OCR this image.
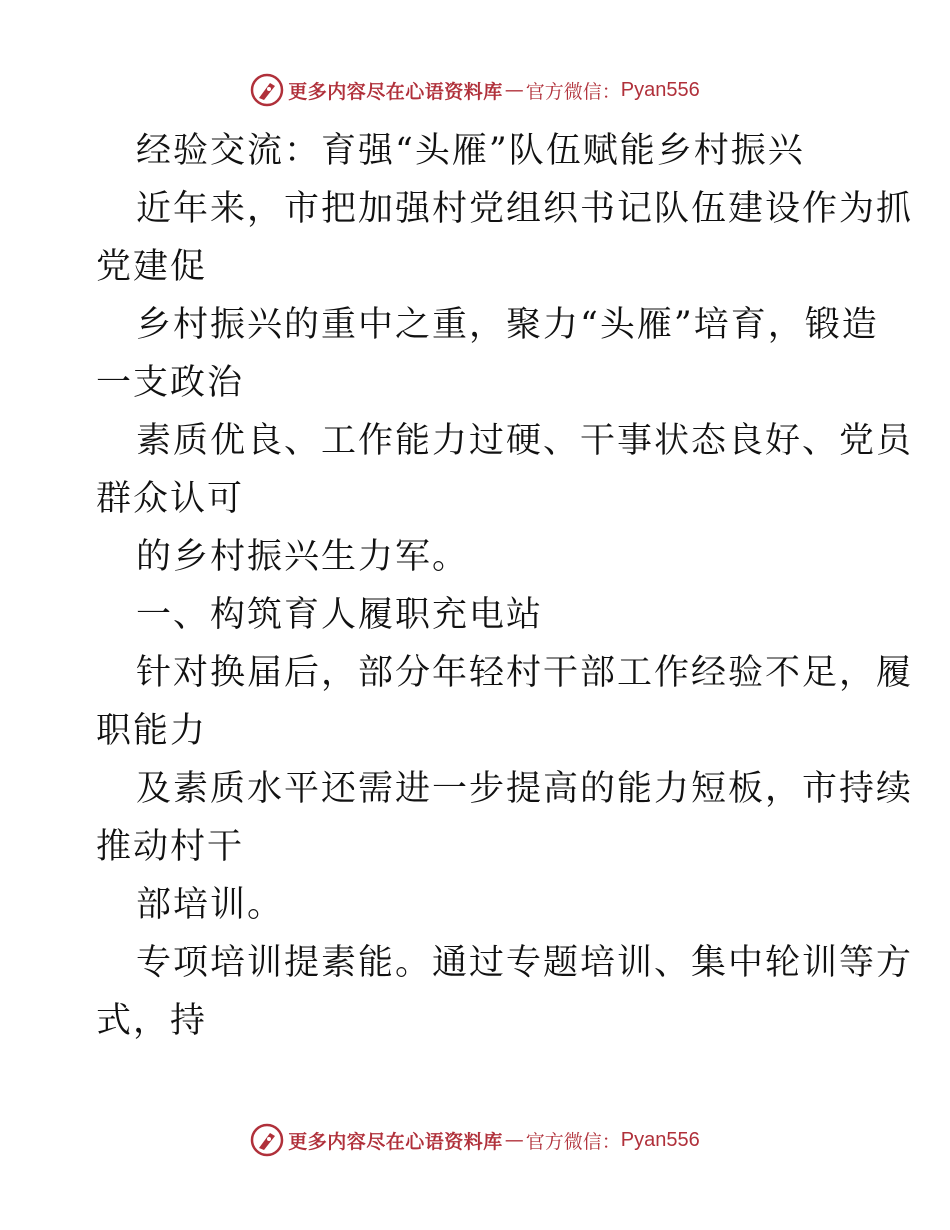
更多内容尽在心语资料库 — 官方微信： Pyan556
经验交流：育强“头雁”队伍赋能乡村振兴
近年来，市把加强村党组织书记队伍建设作为抓
党建促
乡村振兴的重中之重，聚力“头雁”培育，锻造
一支政治
素质优良、工作能力过硬、干事状态良好、党员
群众认可
的乡村振兴生力军。
一、构筑育人履职充电站
针对换届后，部分年轻村干部工作经验不足，履
职能力
及素质水平还需进一步提高的能力短板，市持续
推动村干
部培训。
专项培训提素能。通过专题培训、集中轮训等方
式，持
更多内容尽在心语资料库 — 官方微信： Pyan556
